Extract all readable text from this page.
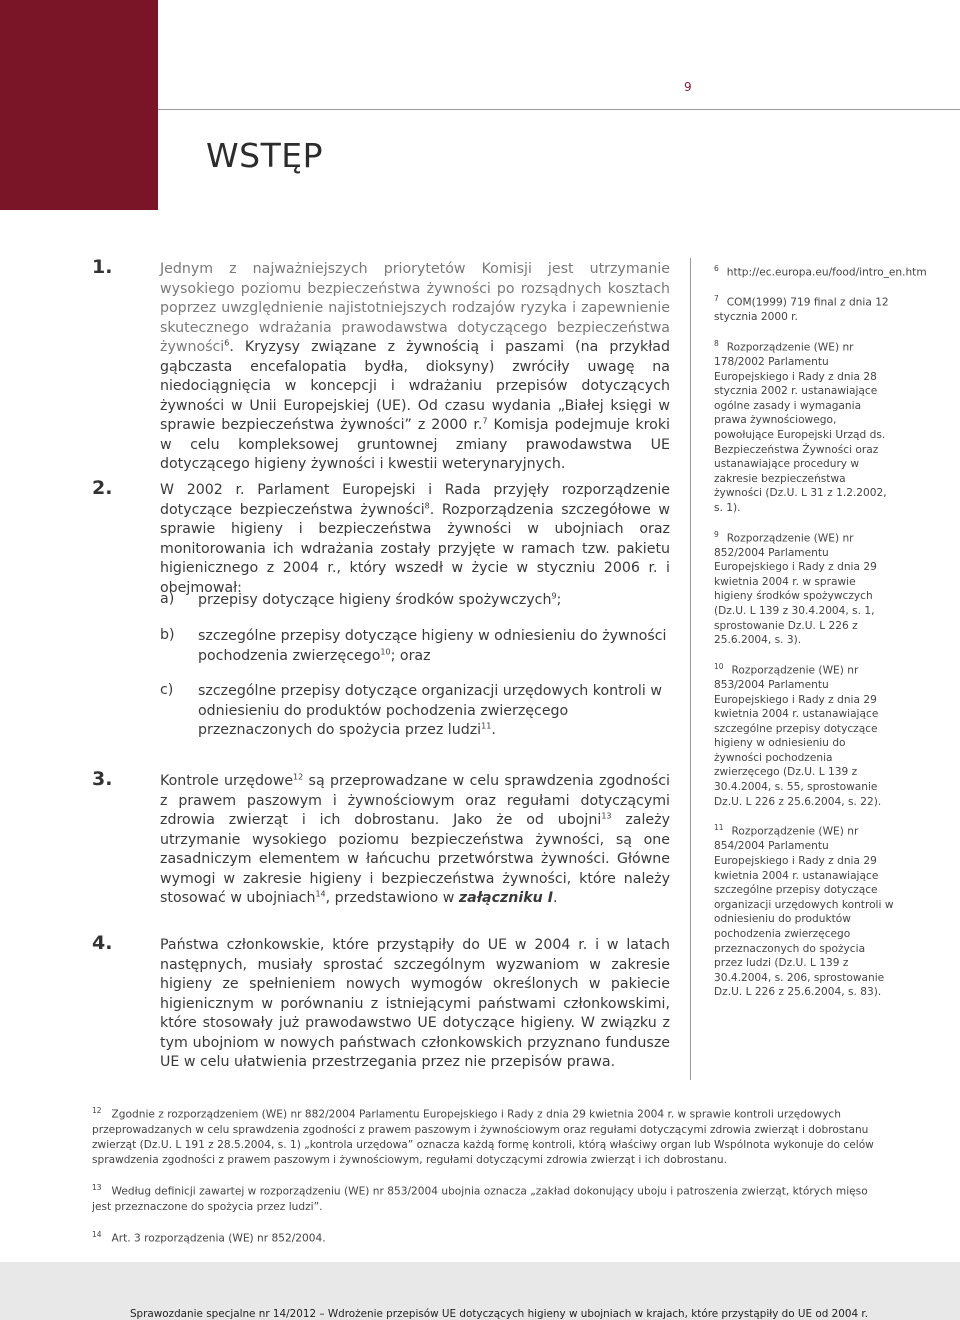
9
WSTĘP
1.	Jednym z najważniejszych priorytetów Komisji jest utrzymanie wysokiego poziomu bezpieczeństwa żywności po rozsądnych kosztach poprzez uwzględnienie najistotniejszych rodzajów ryzyka i zapewnienie skutecznego wdrażania prawodawstwa dotyczącego bezpieczeństwa żywności$^6$. Kryzysy związane z żywnością i paszami (na przykład gąbczasta encefalopatia bydła, dioksyny) zwróciły uwagę na niedociągnięcia w koncepcji i wdrażaniu przepisów dotyczących żywności w Unii Europejskiej (UE). Od czasu wydania „Białej księgi w sprawie bezpieczeństwa żywności” z 2000 r.$^7$ Komisja podejmuje kroki w celu kompleksowej gruntownej zmiany prawodawstwa UE dotyczącego higieny żywności i kwestii weterynaryjnych.

2.	W 2002 r. Parlament Europejski i Rada przyjęły rozporządzenie dotyczące bezpieczeństwa żywności$^8$. Rozporządzenia szczegółowe w sprawie higieny i bezpieczeństwa żywności w ubojniach oraz monitorowania ich wdrażania zostały przyjęte w ramach tzw. pakietu higienicznego z 2004 r., który wszedł w życie w styczniu 2006 r. i obejmował:

a) przepisy dotyczące higieny środków spożywczych$^9$;
b) szczególne przepisy dotyczące higieny w odniesieniu do żywności pochodzenia zwierzęcego$^{10}$; oraz
c) szczególne przepisy dotyczące organizacji urzędowych kontroli w odniesieniu do produktów pochodzenia zwierzęcego przeznaczonych do spożycia przez ludzi$^{11}$.
3.	Kontrole urzędowe$^{12}$ są przeprowadzane w celu sprawdzenia zgodności z prawem paszowym i żywnościowym oraz regułami dotyczącymi zdrowia zwierząt i ich dobrostanu. Jako że od ubojni$^{13}$ zależy utrzymanie wysokiego poziomu bezpieczeństwa żywności, są one zasadniczym elementem w łańcuchu przetwórstwa żywności. Główne wymogi w zakresie higieny i bezpieczeństwa żywności, które należy stosować w ubojniach$^{14}$, przedstawiono w załączniku I.

4.	Państwa członkowskie, które przystąpiły do UE w 2004 r. i w latach następnych, musiały sprostać szczególnym wyzwaniom w zakresie higieny ze spełnieniem nowych wymogów określonych w pakiecie higienicznym w porównaniu z istniejącymi państwami członkowskimi, które stosowały już prawodawstwo UE dotyczące higieny. W związku z tym ubojniom w nowych państwach członkowskich przyznano fundusze UE w celu ułatwienia przestrzegania przez nie przepisów prawa.

$^6$ http://ec.europa.eu/food/intro_en.htm

$^7$ COM(1999) 719 final z dnia 12 stycznia 2000 r.

$^8$ Rozporządzenie (WE) nr 178/2002 Parlamentu Europejskiego i Rady z dnia 28 stycznia 2002 r. ustanawiające ogólne zasady i wymagania prawa żywnościowego, powołujące Europejski Urząd ds. Bezpieczeństwa Żywności oraz ustanawiające procedury w zakresie bezpieczeństwa żywności (Dz.U. L 31 z 1.2.2002, s. 1).

$^9$ Rozporządzenie (WE) nr 852/2004 Parlamentu Europejskiego i Rady z dnia 29 kwietnia 2004 r. w sprawie higieny środków spożywczych (Dz.U. L 139 z 30.4.2004, s. 1, sprostowanie Dz.U. L 226 z 25.6.2004, s. 3).

$^{10}$ Rozporządzenie (WE) nr 853/2004 Parlamentu Europejskiego i Rady z dnia 29 kwietnia 2004 r. ustanawiające szczególne przepisy dotyczące higieny w odniesieniu do żywności pochodzenia zwierzęcego (Dz.U. L 139 z 30.4.2004, s. 55, sprostowanie Dz.U. L 226 z 25.6.2004, s. 22).

$^{11}$ Rozporządzenie (WE) nr 854/2004 Parlamentu Europejskiego i Rady z dnia 29 kwietnia 2004 r. ustanawiające szczególne przepisy dotyczące organizacji urzędowych kontroli w odniesieniu do produktów pochodzenia zwierzęcego przeznaczonych do spożycia przez ludzi (Dz.U. L 139 z 30.4.2004, s. 206, sprostowanie Dz.U. L 226 z 25.6.2004, s. 83).

$^{12}$ Zgodnie z rozporządzeniem (WE) nr 882/2004 Parlamentu Europejskiego i Rady z dnia 29 kwietnia 2004 r. w sprawie kontroli urzędowych przeprowadzanych w celu sprawdzenia zgodności z prawem paszowym i żywnościowym oraz regułami dotyczącymi zdrowia zwierząt i dobrostanu zwierząt (Dz.U. L 191 z 28.5.2004, s. 1) „kontrola urzędowa” oznacza każdą formę kontroli, którą właściwy organ lub Wspólnota wykonuje do celów sprawdzenia zgodności z prawem paszowym i żywnościowym, regułami dotyczącymi zdrowia zwierząt i ich dobrostanu.
$^{13}$ Według definicji zawartej w rozporządzeniu (WE) nr 853/2004 ubojnia oznacza „zakład dokonujący uboju i patroszenia zwierząt, których mięso jest przeznaczone do spożycia przez ludzi”.
$^{14}$ Art. 3 rozporządzenia (WE) nr 852/2004.
Sprawozdanie specjalne nr 14/2012 – Wdrożenie przepisów UE dotyczących higieny w ubojniach w krajach, które przystąpiły do UE od 2004 r.
